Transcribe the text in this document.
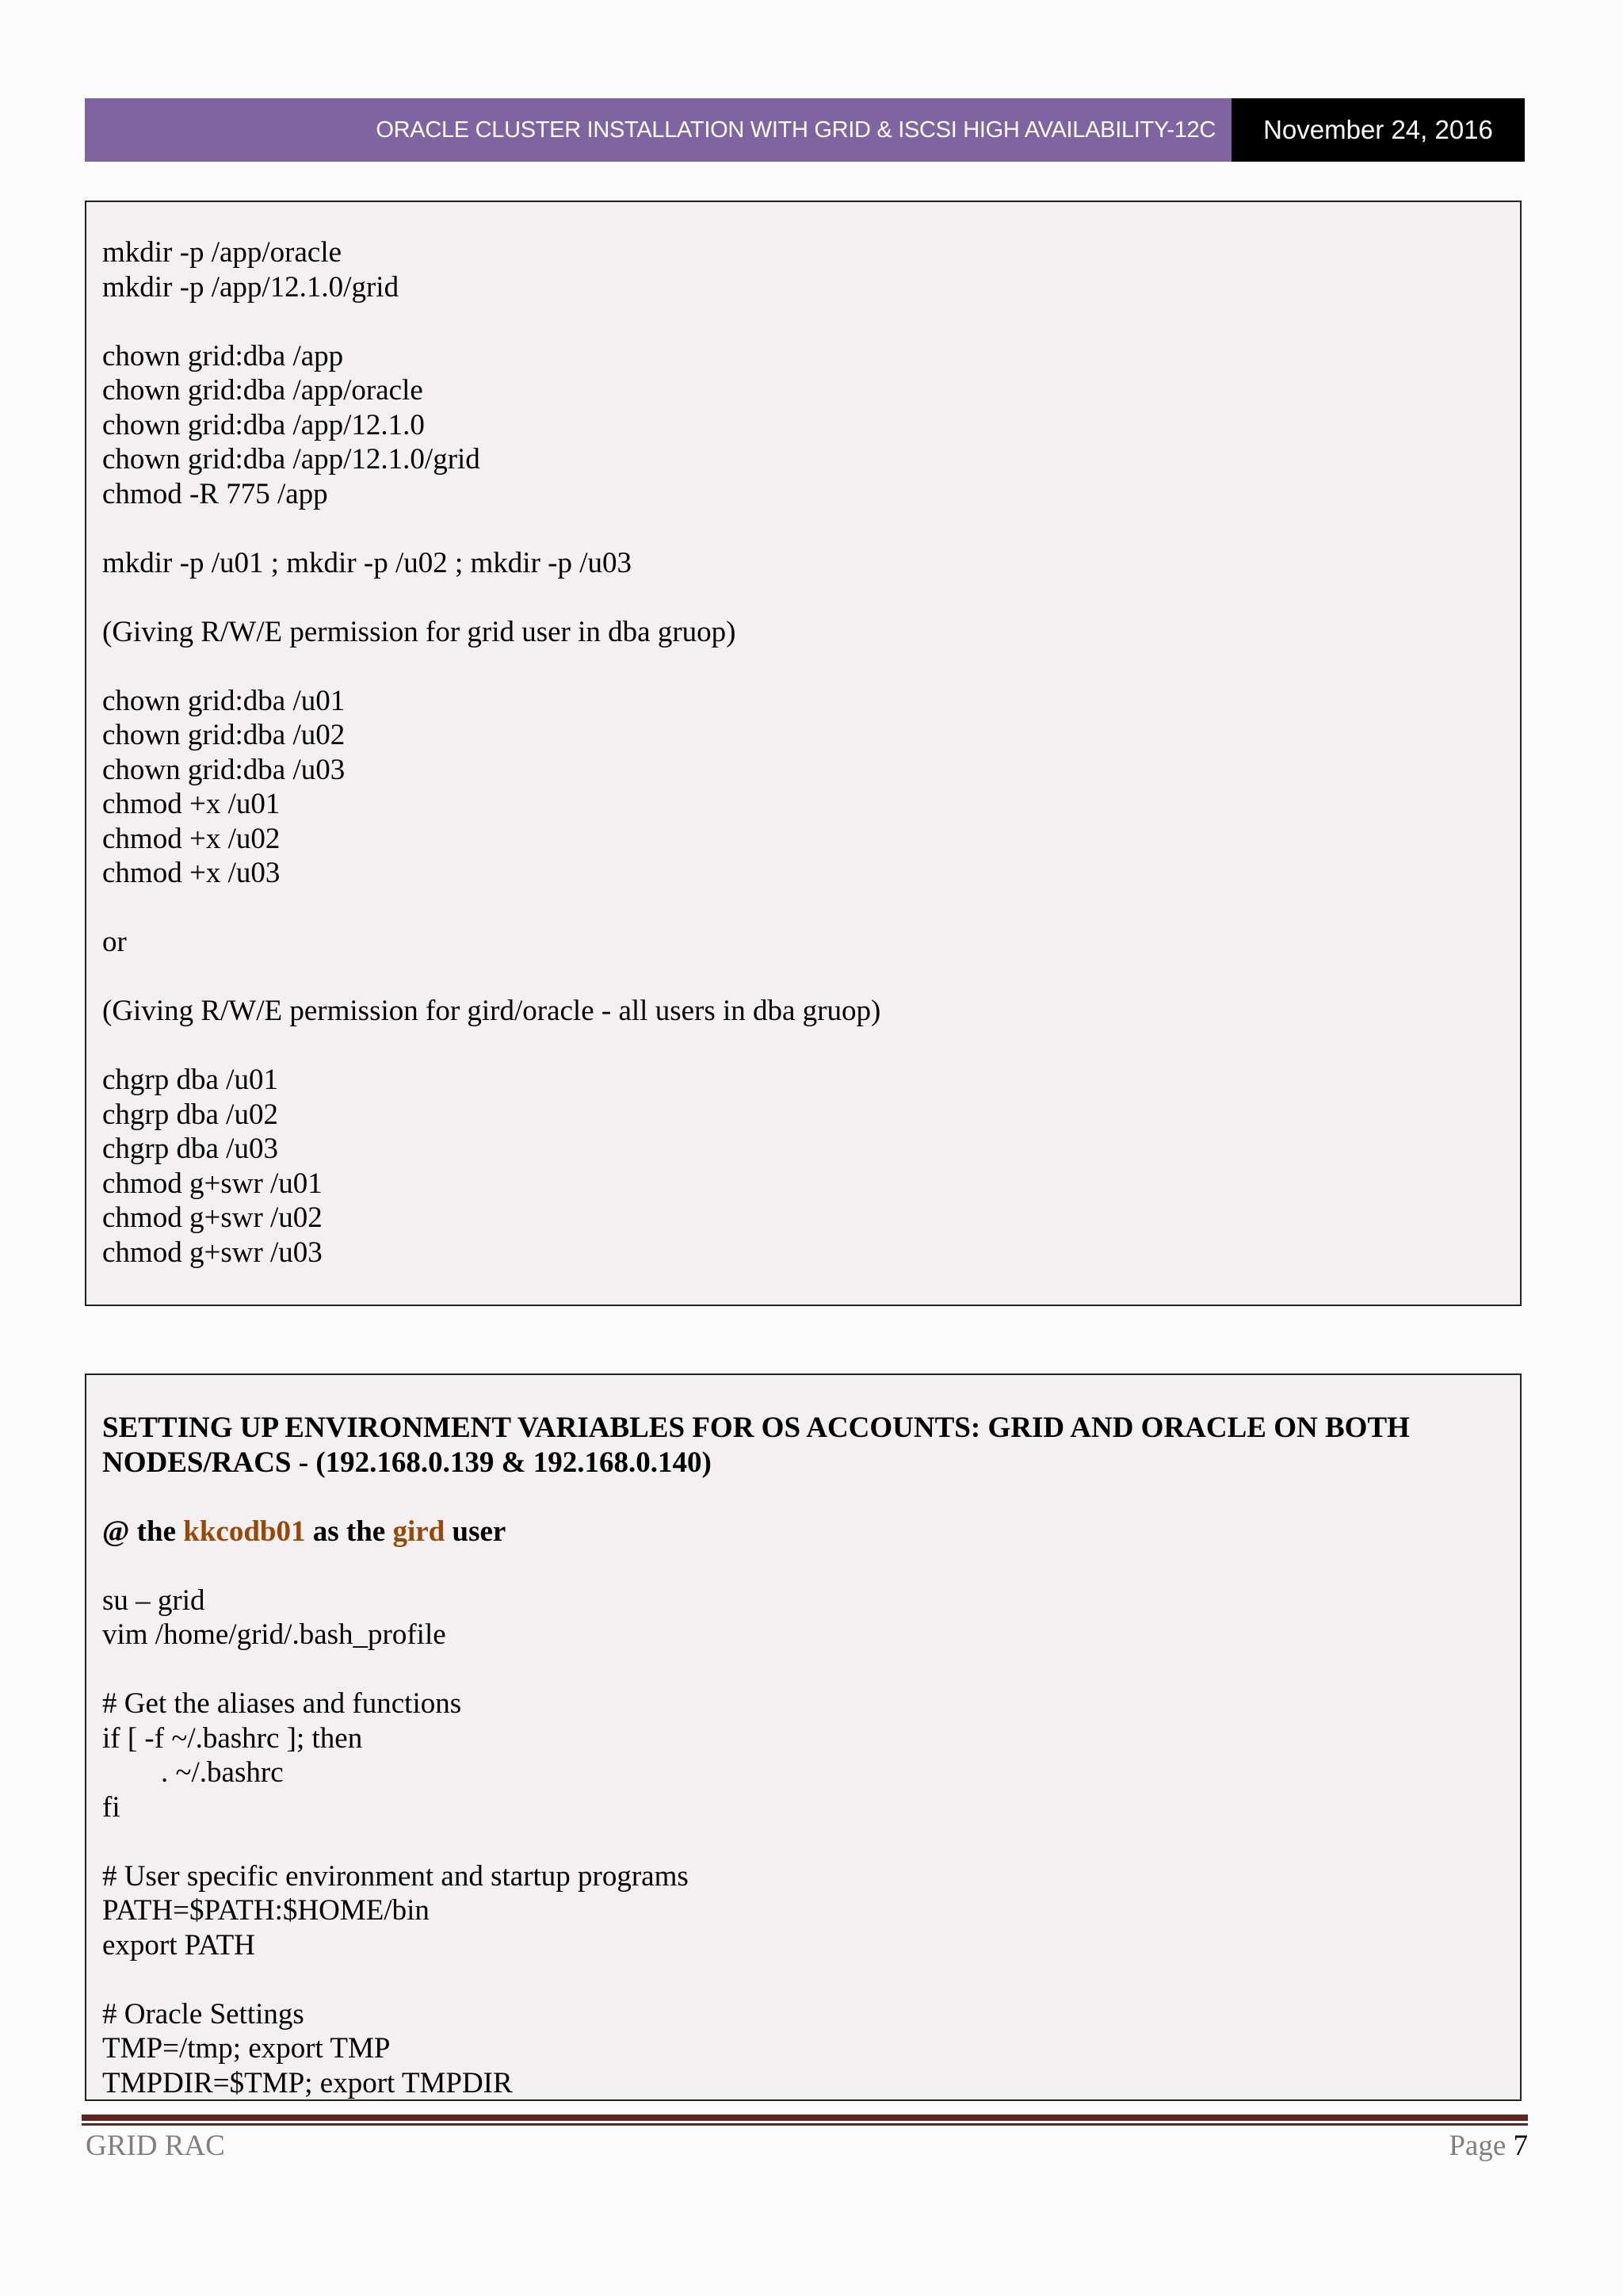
ORACLE CLUSTER INSTALLATION WITH GRID & ISCSI HIGH AVAILABILITY-12C	November 24, 2016
mkdir -p /app/oracle
mkdir -p /app/12.1.0/grid
chown grid:dba /app
chown grid:dba /app/oracle
chown grid:dba /app/12.1.0
chown grid:dba /app/12.1.0/grid
chmod -R 775 /app
mkdir -p /u01 ; mkdir -p /u02 ; mkdir -p /u03
(Giving R/W/E permission for grid user in dba gruop)
chown grid:dba /u01
chown grid:dba /u02
chown grid:dba /u03
chmod +x /u01
chmod +x /u02
chmod +x /u03
or
(Giving R/W/E permission for gird/oracle - all users in dba gruop)
chgrp dba /u01
chgrp dba /u02
chgrp dba /u03
chmod g+swr /u01
chmod g+swr /u02
chmod g+swr /u03
SETTING UP ENVIRONMENT VARIABLES FOR OS ACCOUNTS: GRID AND ORACLE ON BOTH
NODES/RACS - (192.168.0.139 & 192.168.0.140)
@ the kkcodb01 as the gird user
su – grid
vim /home/grid/.bash_profile
# Get the aliases and functions
if [ -f ~/.bashrc ]; then
. ~/.bashrc
fi
# User specific environment and startup programs
PATH=$PATH:$HOME/bin
export PATH
# Oracle Settings
TMP=/tmp; export TMP
TMPDIR=$TMP; export TMPDIR
GRID RAC	Page 7
